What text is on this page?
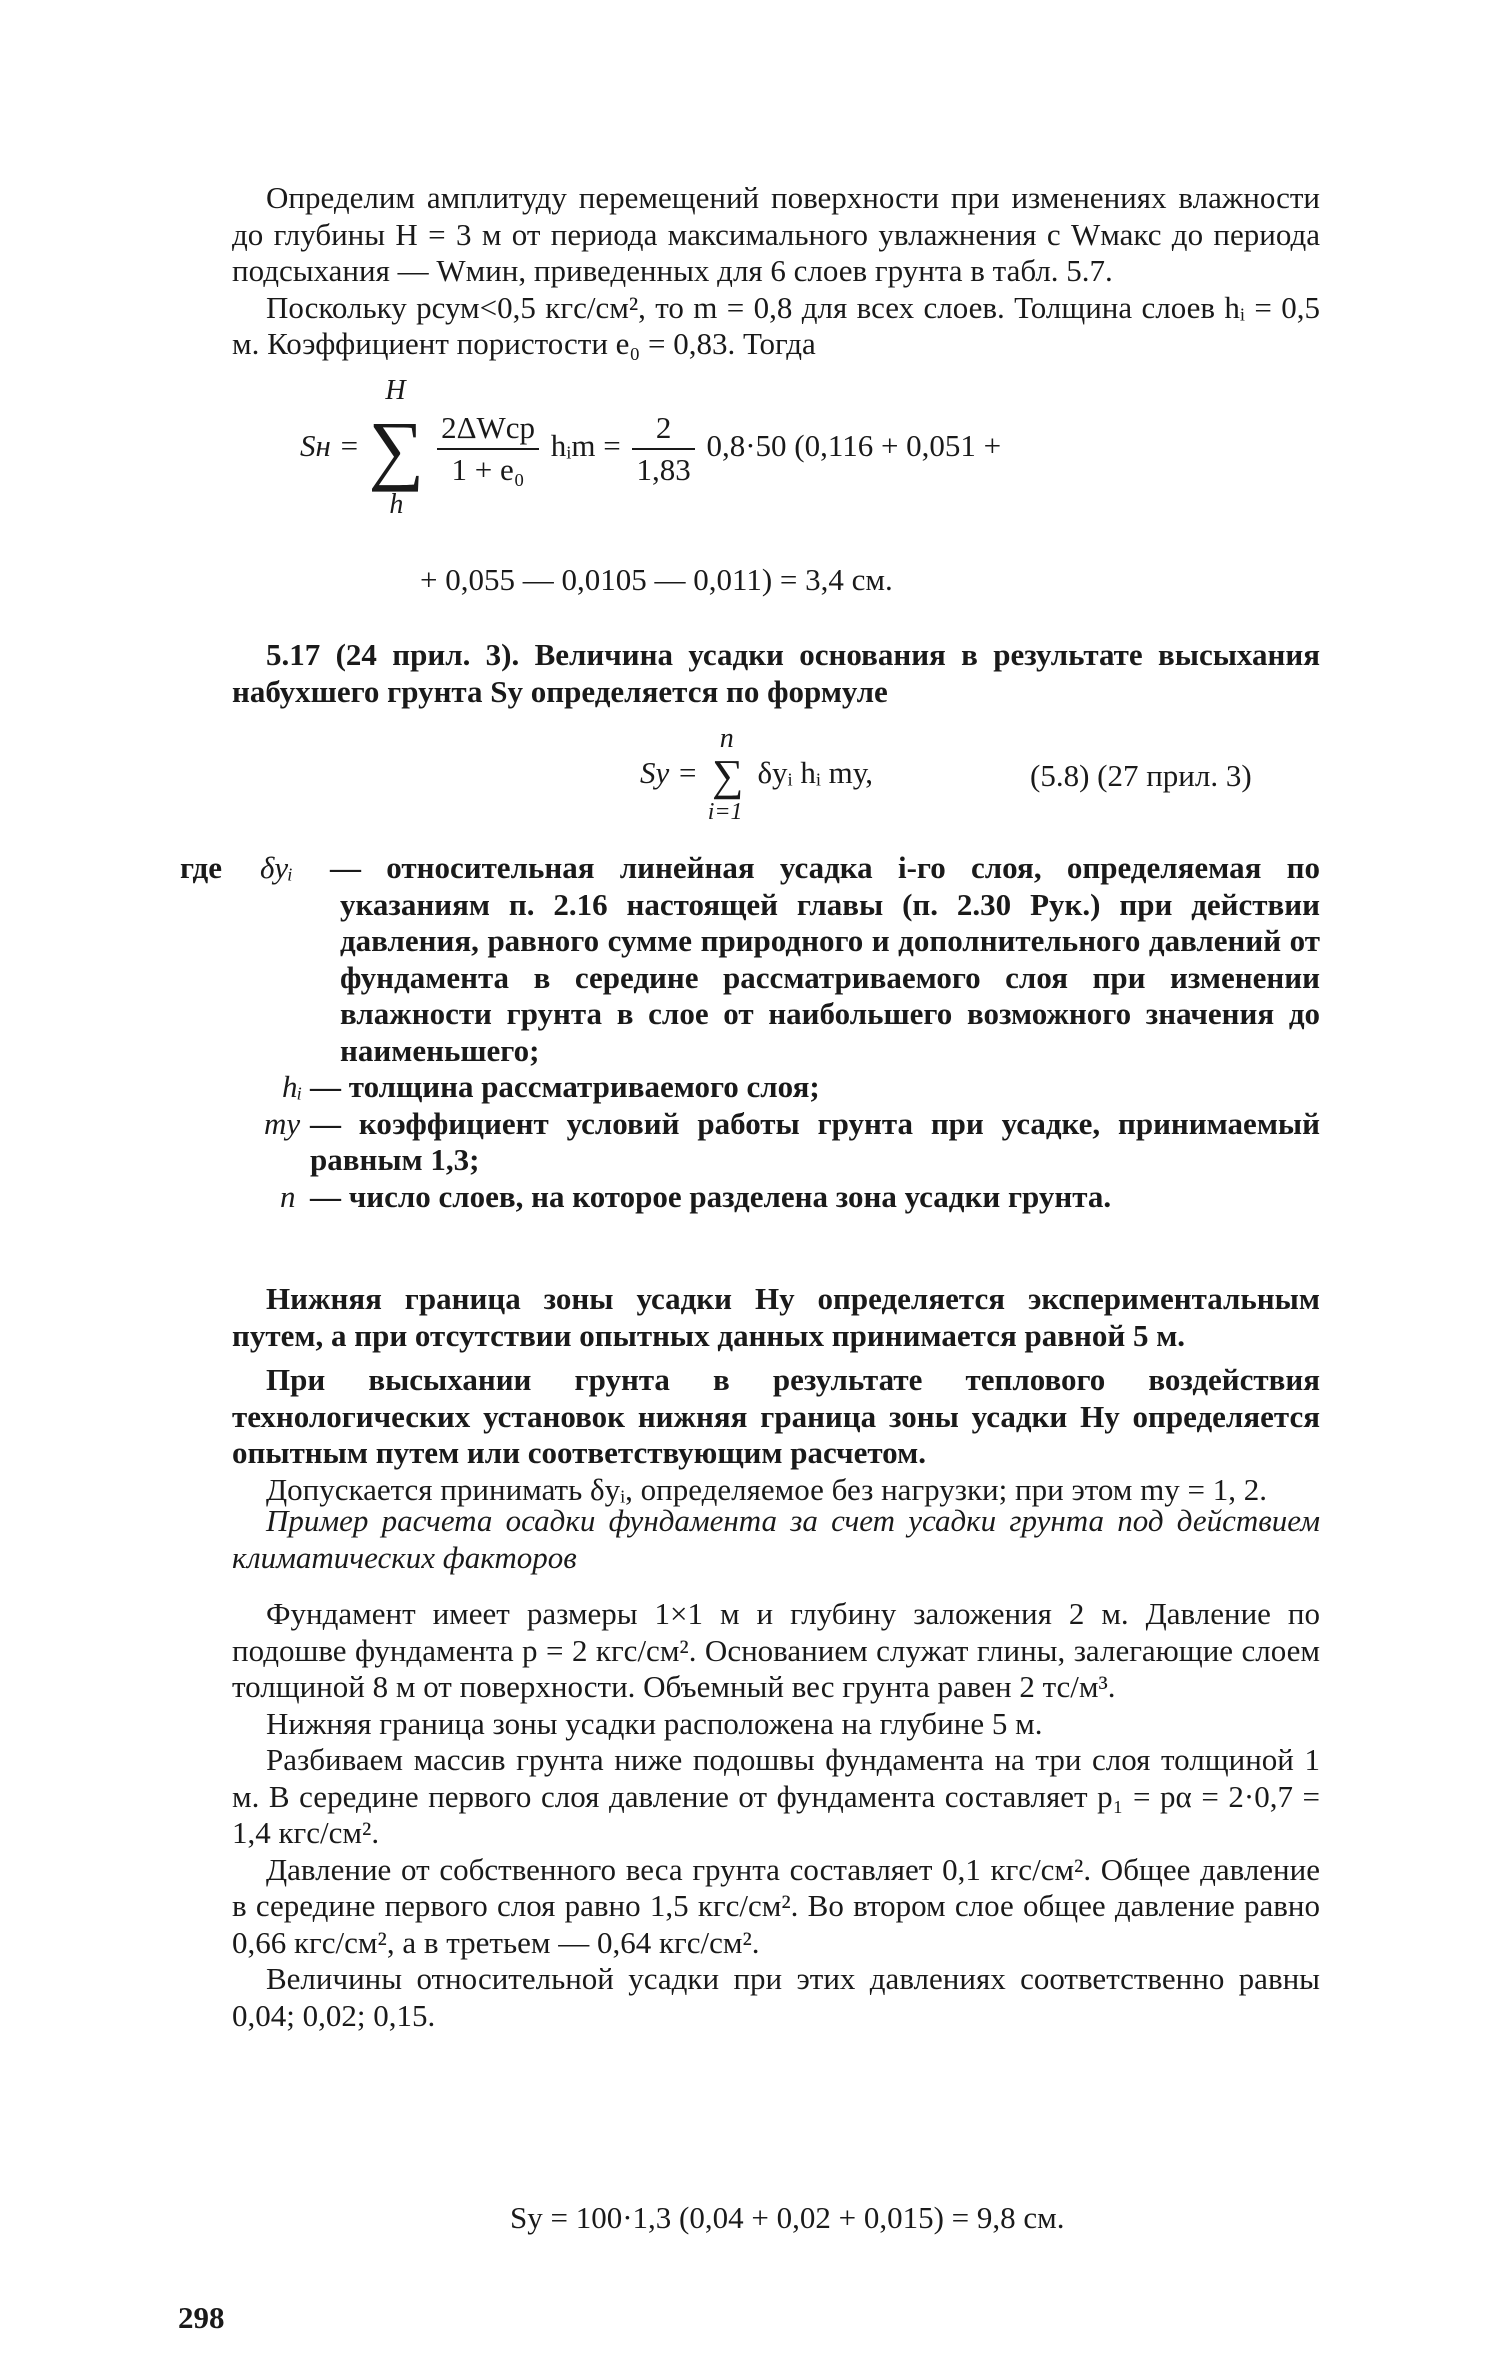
Определим амплитуду перемещений поверхности при изменениях влажности до глубины H = 3 м от периода максимального увлажнения с Wмакс до периода подсыхания — Wмин, приведенных для 6 слоев грунта в табл. 5.7.

Поскольку pсум<0,5 кгс/см², то m = 0,8 для всех слоев. Толщина слоев hᵢ = 0,5 м. Коэффициент пористости e₀ = 0,83. Тогда

Sн =
H
∑
h

$\frac{\text{2ΔWср}}{\text{1 + e₀}}$ hᵢm = $\frac{2}{1,83} 0,8\cdot 50$ (0,116 + 0,051 +
+ 0,055 — 0,0105 — 0,011) = 3,4 см.

5.17 (24 прил. 3). Величина усадки основания в результате высыхания набухшего грунта Sу определяется по формуле

Sу =
n
∑
i=1
δуᵢ hᵢ mу,	(5.8) (27 прил. 3)
где δуᵢ — относительная линейная усадка i-го слоя, определяемая по указаниям п. 2.16 настоящей главы (п. 2.30 Рук.) при действии давления, равного сумме природного и дополнительного давлений от фундамента в середине рассматриваемого слоя при изменении влажности грунта в слое от наибольшего возможного значения до наименьшего;
hᵢ — толщина рассматриваемого слоя;
mу — коэффициент условий работы грунта при усадке, принимаемый равным 1,3;
n — число слоев, на которое разделена зона усадки грунта.

Нижняя граница зоны усадки Hу определяется экспериментальным путем, а при отсутствии опытных данных принимается равной 5 м.

При высыхании грунта в результате теплового воздействия технологических установок нижняя граница зоны усадки Hу определяется опытным путем или соответствующим расчетом.

Допускается принимать δуᵢ, определяемое без нагрузки; при этом mу = 1, 2.

Пример расчета осадки фундамента за счет усадки грунта под действием климатических факторов

Фундамент имеет размеры 1×1 м и глубину заложения 2 м. Давление по подошве фундамента p = 2 кгс/см². Основанием служат глины, залегающие слоем толщиной 8 м от поверхности. Объемный вес грунта равен 2 тс/м³.

Нижняя граница зоны усадки расположена на глубине 5 м.

Разбиваем массив грунта ниже подошвы фундамента на три слоя толщиной 1 м. В середине первого слоя давление от фундамента составляет p₁ = pα = 2·0,7 = 1,4 кгс/см².

Давление от собственного веса грунта составляет 0,1 кгс/см². Общее давление в середине первого слоя равно 1,5 кгс/см². Во втором слое общее давление равно 0,66 кгс/см², а в третьем — 0,64 кгс/см².

Величины относительной усадки при этих давлениях соответственно равны 0,04; 0,02; 0,15.

Sу = 100·1,3 (0,04 + 0,02 + 0,015) = 9,8 см.
298
